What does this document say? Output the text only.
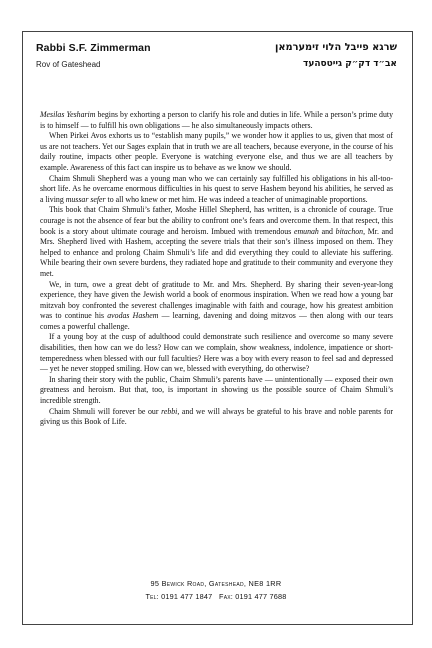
Rabbi S.F. Zimmerman
Rov of Gateshead
שרגא פייבל הלוי זימערמאן
אב״ד דק״ק גייטסהעד

Mesilas Yesharim begins by exhorting a person to clarify his role and duties in life. While a person’s prime duty is to himself — to fulfill his own obligations — he also simultaneously impacts others.

When Pirkei Avos exhorts us to “establish many pupils,” we wonder how it applies to us, given that most of us are not teachers. Yet our Sages explain that in truth we are all teachers, because everyone, in the course of his daily routine, impacts other people. Everyone is watching everyone else, and thus we are all teachers by example. Awareness of this fact can inspire us to behave as we know we should.

Chaim Shmuli Shepherd was a young man who we can certainly say fulfilled his obligations in his all-too-short life. As he overcame enormous difficulties in his quest to serve Hashem beyond his abilities, he served as a living mussar sefer to all who knew or met him. He was indeed a teacher of unimaginable proportions.

This book that Chaim Shmuli’s father, Moshe Hillel Shepherd, has written, is a chronicle of courage. True courage is not the absence of fear but the ability to confront one’s fears and overcome them. In that respect, this book is a story about ultimate courage and heroism. Imbued with tremendous emunah and bitachon, Mr. and Mrs. Shepherd lived with Hashem, accepting the severe trials that their son’s illness imposed on them. They helped to enhance and prolong Chaim Shmuli’s life and did everything they could to alleviate his suffering. While bearing their own severe burdens, they radiated hope and gratitude to their community and everyone they met.

We, in turn, owe a great debt of gratitude to Mr. and Mrs. Shepherd. By sharing their seven-year-long experience, they have given the Jewish world a book of enormous inspiration. When we read how a young bar mitzvah boy confronted the severest challenges imaginable with faith and courage, how his greatest ambition was to continue his avodas Hashem — learning, davening and doing mitzvos — then along with our tears comes a powerful challenge.

If a young boy at the cusp of adulthood could demonstrate such resilience and overcome so many severe disabilities, then how can we do less? How can we complain, show weakness, indolence, impatience or short-temperedness when blessed with our full faculties? Here was a boy with every reason to feel sad and depressed — yet he never stopped smiling. How can we, blessed with everything, do otherwise?

In sharing their story with the public, Chaim Shmuli’s parents have — unintentionally — exposed their own greatness and heroism. But that, too, is important in showing us the possible source of Chaim Shmuli’s incredible strength.

Chaim Shmuli will forever be our rebbi, and we will always be grateful to his brave and noble parents for giving us this Book of Life.

95 Bewick Road, Gateshead, NE8 1RR
Tel: 0191 477 1847   Fax: 0191 477 7688
